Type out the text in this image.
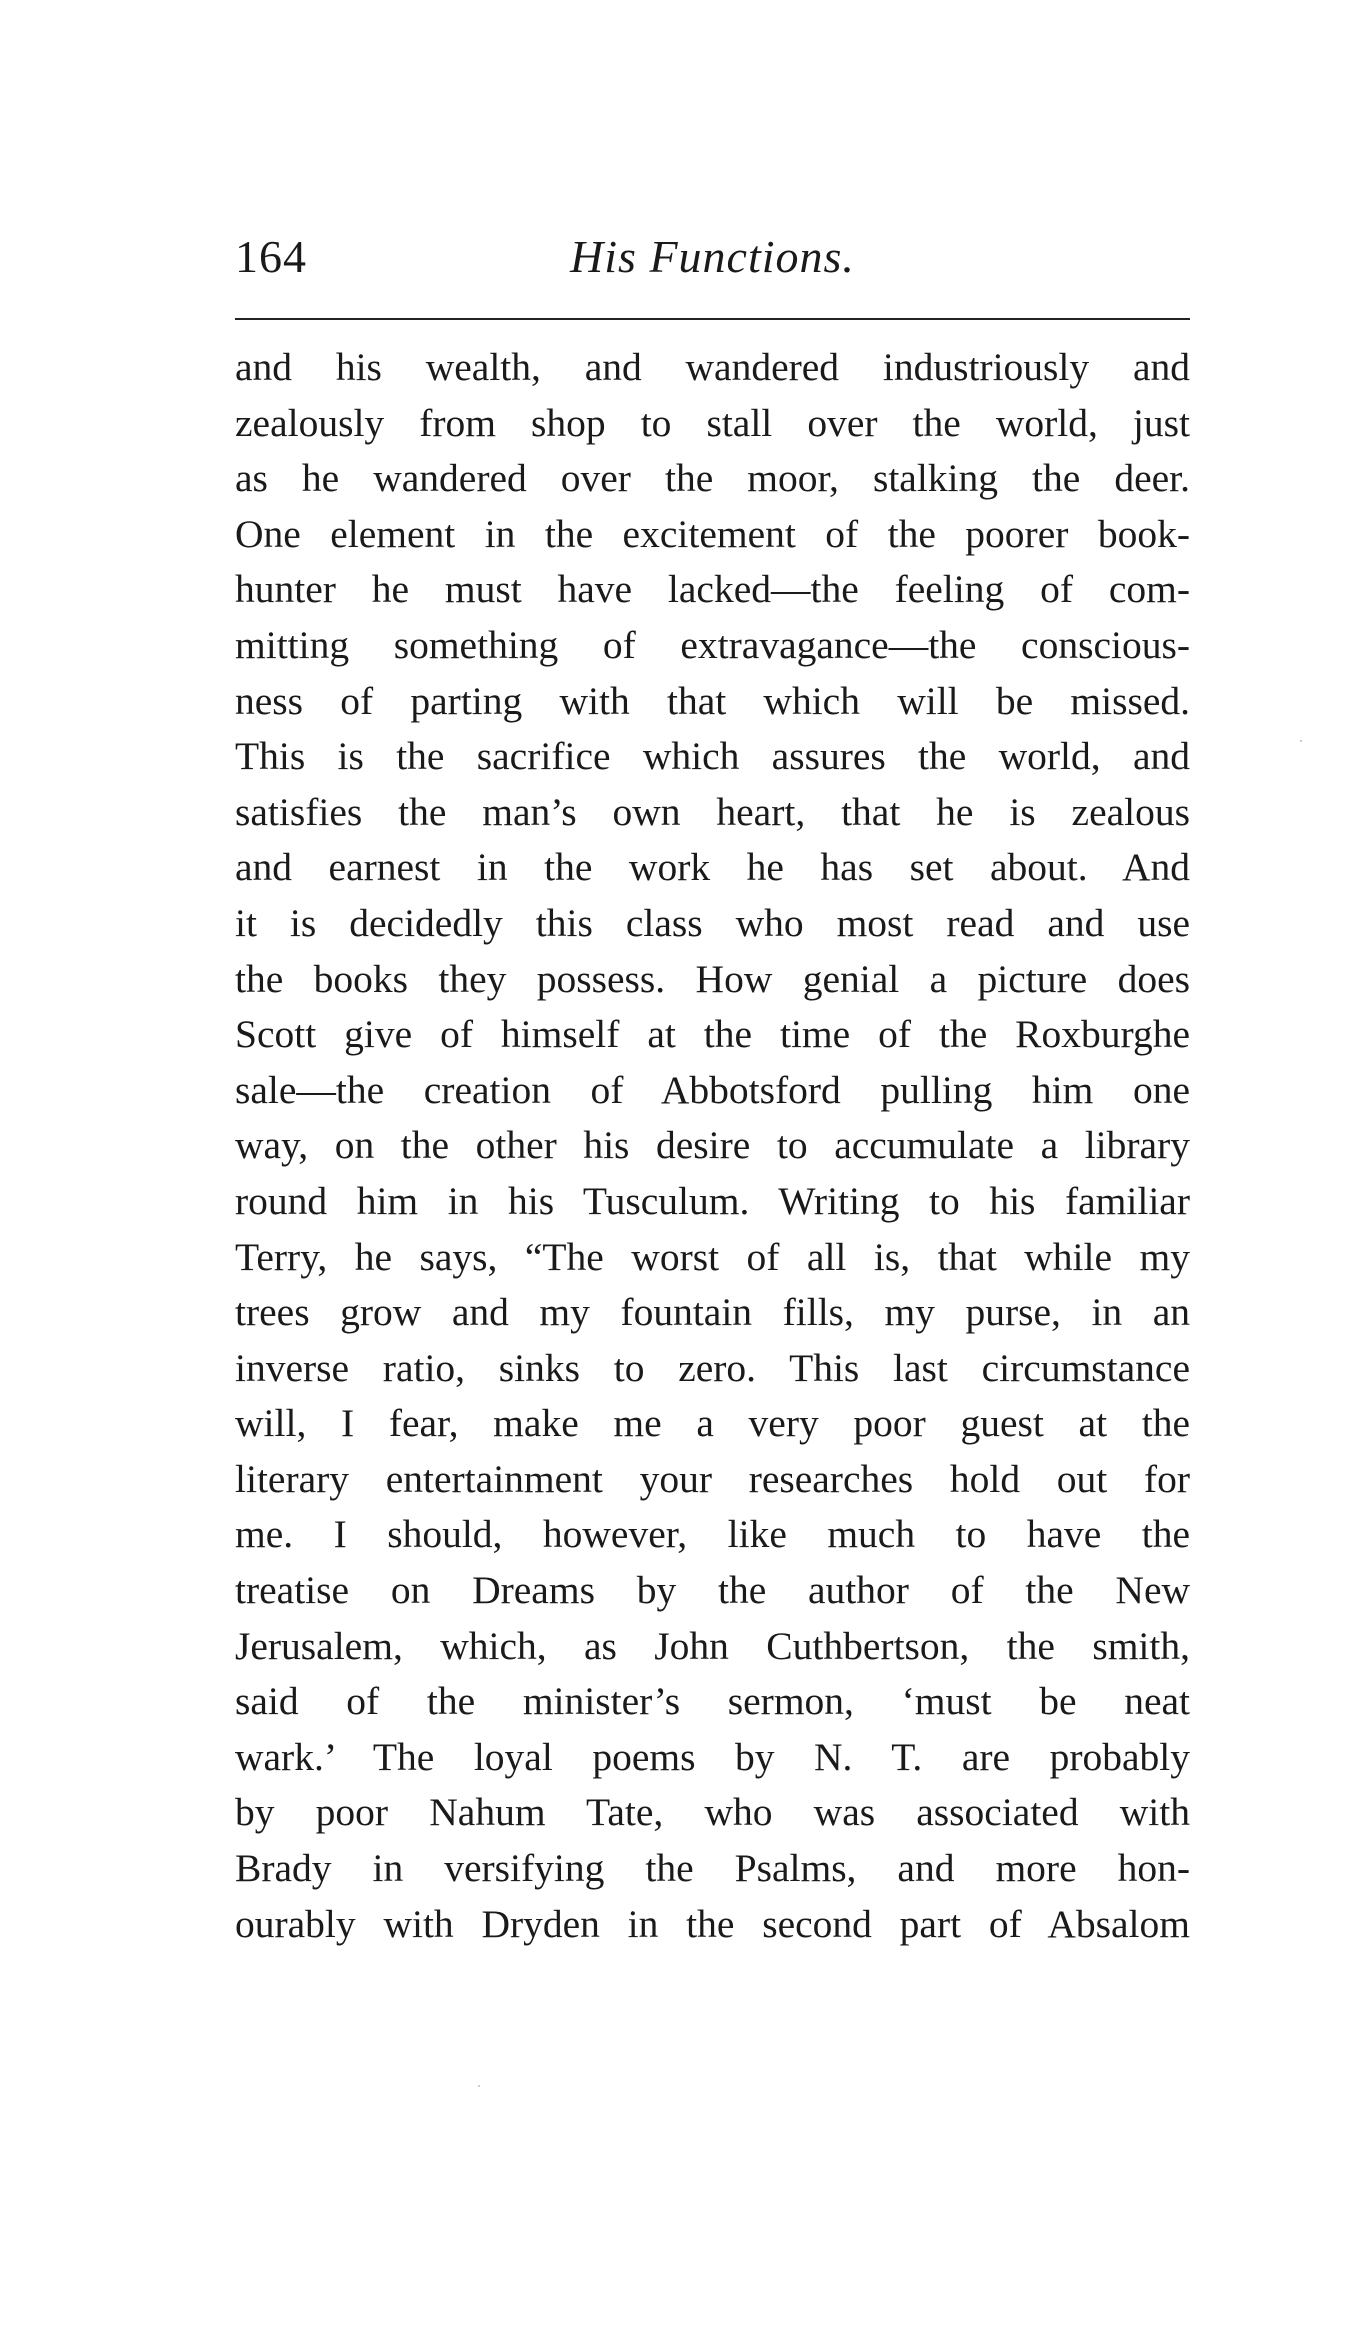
164	His Functions.
and his wealth, and wandered industriously and
zealously from shop to stall over the world, just
as he wandered over the moor, stalking the deer.
One element in the excitement of the poorer book-
hunter he must have lacked—the feeling of com-
mitting something of extravagance—the conscious-
ness of parting with that which will be missed.
This is the sacrifice which assures the world, and
satisfies the man’s own heart, that he is zealous
and earnest in the work he has set about. And
it is decidedly this class who most read and use
the books they possess. How genial a picture does
Scott give of himself at the time of the Roxburghe
sale—the creation of Abbotsford pulling him one
way, on the other his desire to accumulate a library
round him in his Tusculum. Writing to his familiar
Terry, he says, “The worst of all is, that while my
trees grow and my fountain fills, my purse, in an
inverse ratio, sinks to zero. This last circumstance
will, I fear, make me a very poor guest at the
literary entertainment your researches hold out for
me. I should, however, like much to have the
treatise on Dreams by the author of the New
Jerusalem, which, as John Cuthbertson, the smith,
said of the minister’s sermon, ‘must be neat
wark.’ The loyal poems by N. T. are probably
by poor Nahum Tate, who was associated with
Brady in versifying the Psalms, and more hon-
ourably with Dryden in the second part of Absalom
